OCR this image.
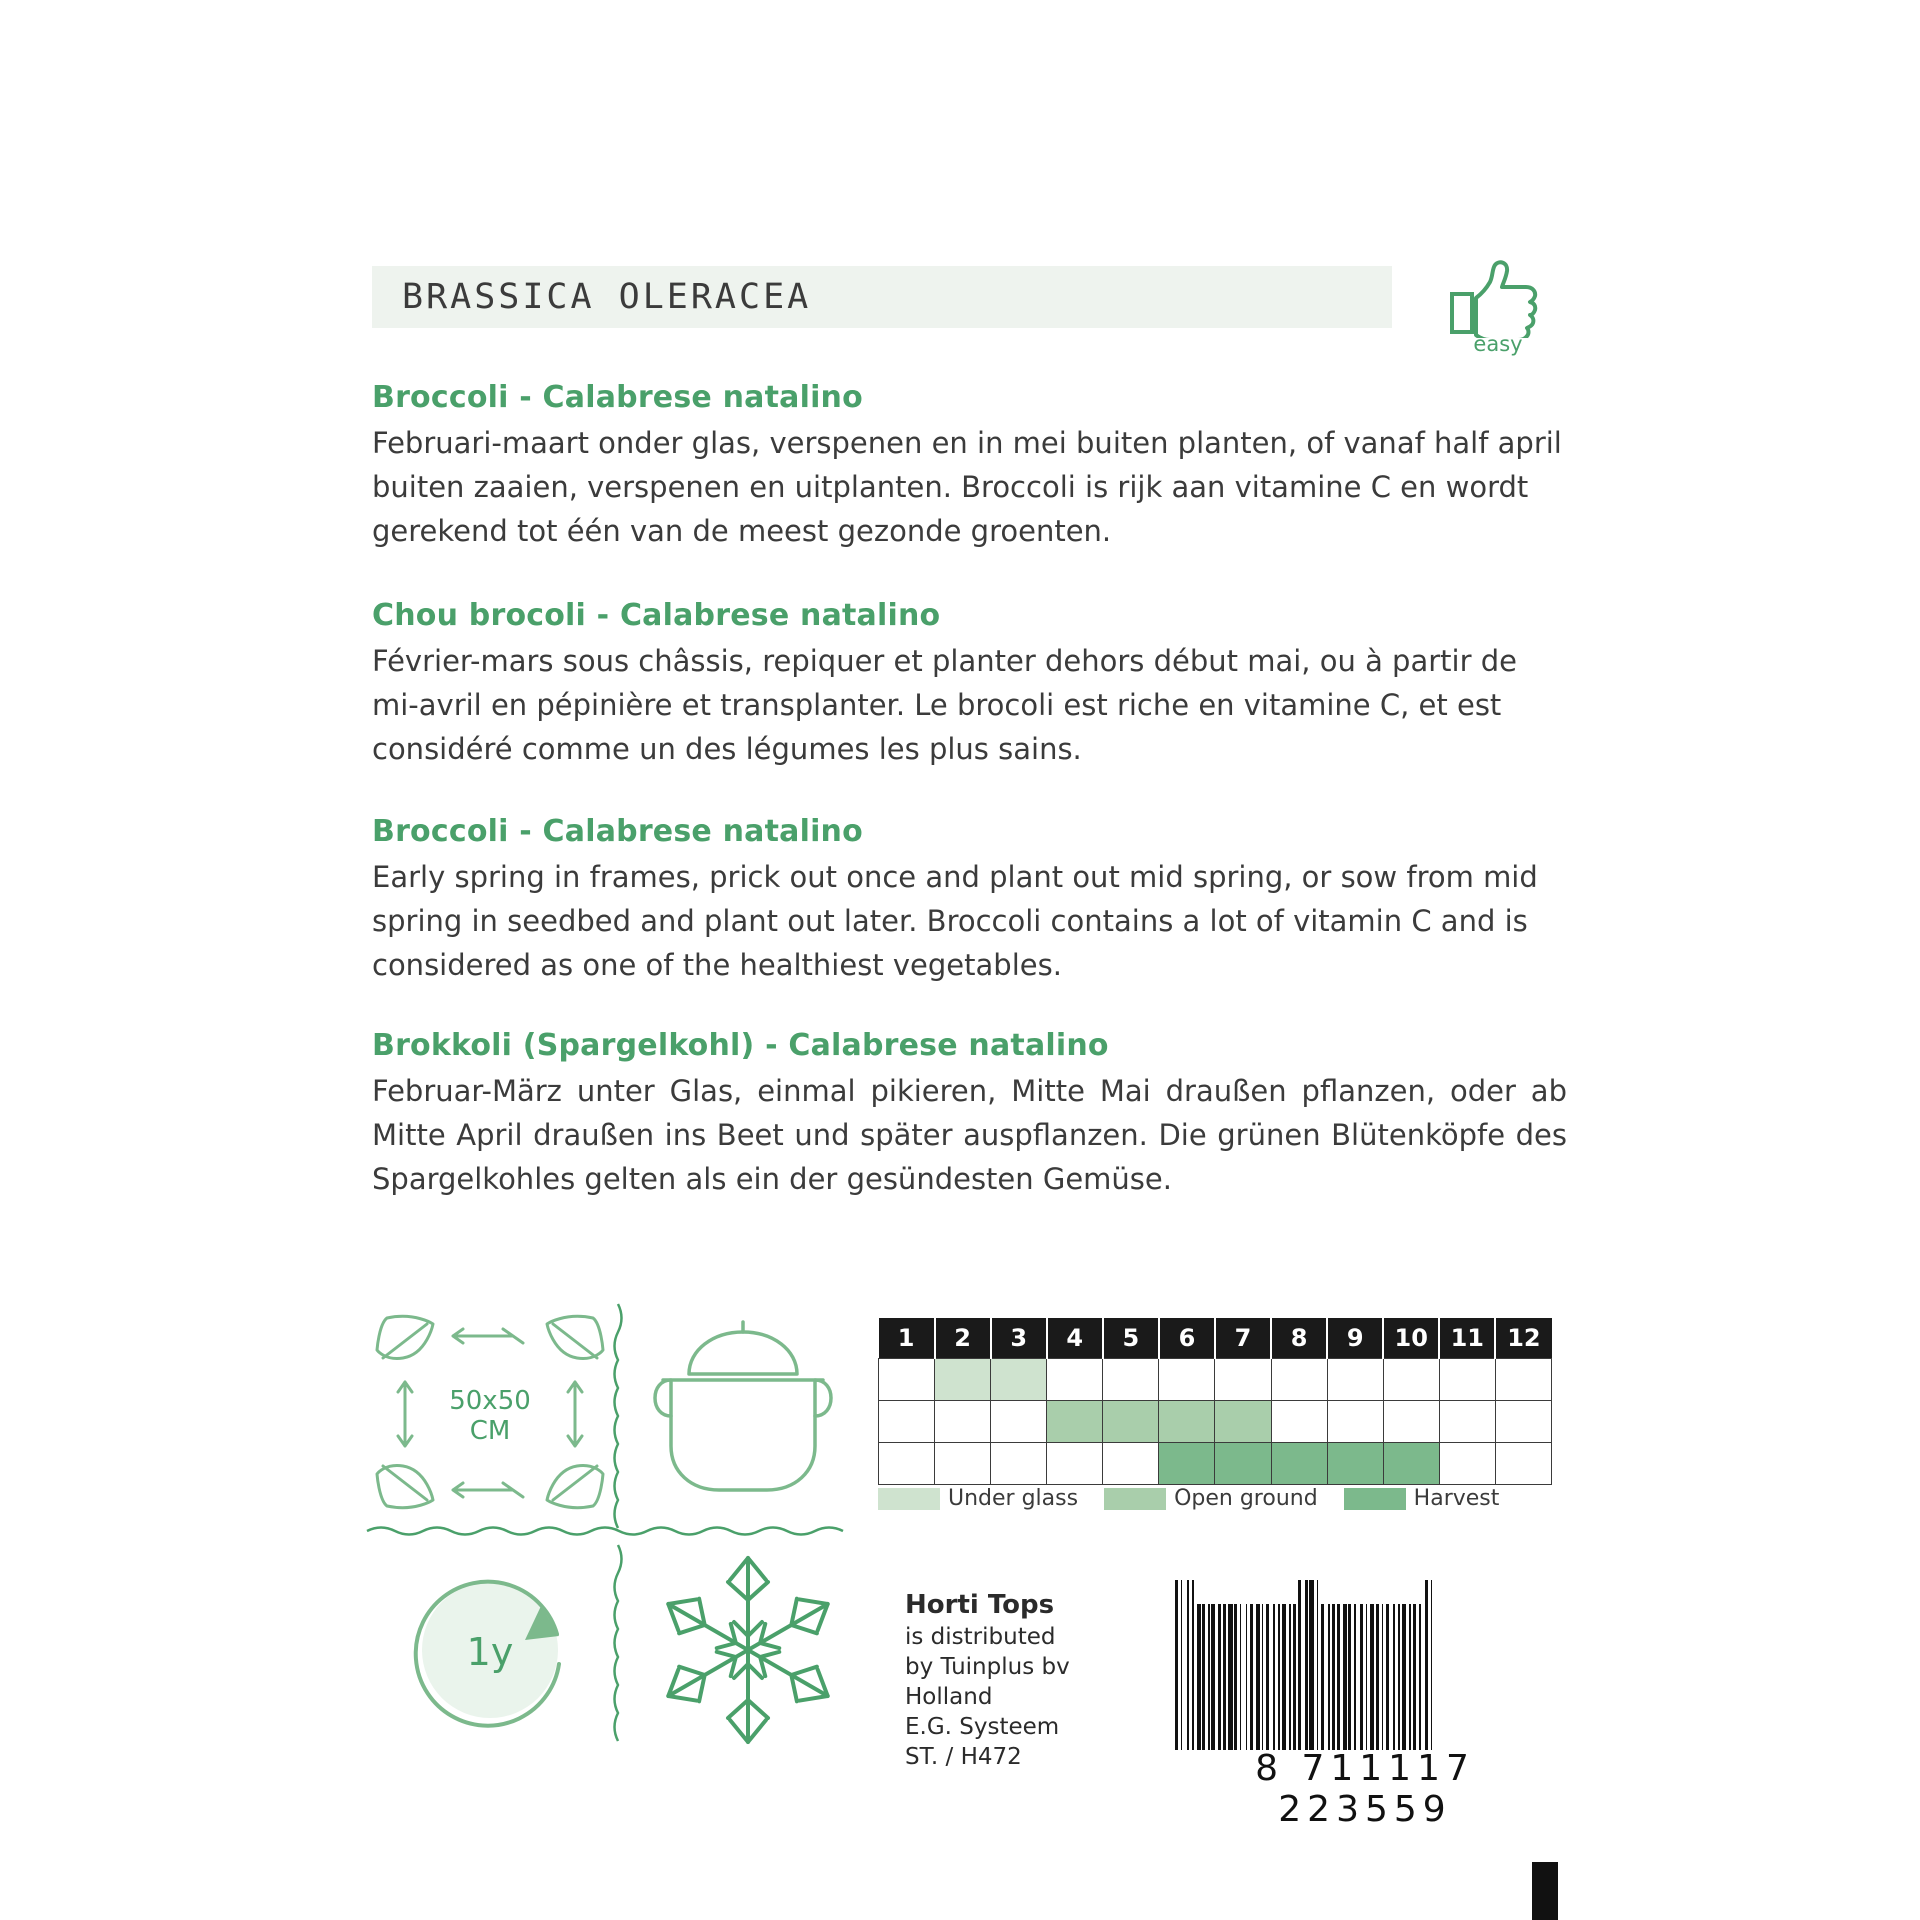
BRASSICA OLERACEA
easy
Broccoli - Calabrese natalino

Februari-maart onder glas, verspenen en in mei buiten planten, of vanaf half april buiten zaaien, verspenen en uitplanten. Broccoli is rijk aan vitamine C en wordt gerekend tot één van de meest gezonde groenten.

Chou brocoli - Calabrese natalino

Février-mars sous châssis, repiquer et planter dehors début mai, ou à partir de mi-avril en pépinière et transplanter. Le brocoli est riche en vitamine C, et est considéré comme un des légumes les plus sains.

Broccoli - Calabrese natalino

Early spring in frames, prick out once and plant out mid spring, or sow from mid spring in seedbed and plant out later. Broccoli contains a lot of vitamin C and is considered as one of the healthiest vegetables.

Brokkoli (Spargelkohl) - Calabrese natalino

Februar-März unter Glas, einmal pikieren, Mitte Mai draußen pflanzen, oder ab Mitte April draußen ins Beet und später auspflanzen. Die grünen Blütenköpfe des Spargelkohles gelten als ein der gesündesten Gemüse.

50x50
CM
1y
1	2	3	4	5	6	7	8	9	10	11	12

Under glass	Open ground	Harvest
Horti Tops
is distributed
by Tuinplus bv
Holland
E.G. Systeem
ST. / H472	8 711117 223559
